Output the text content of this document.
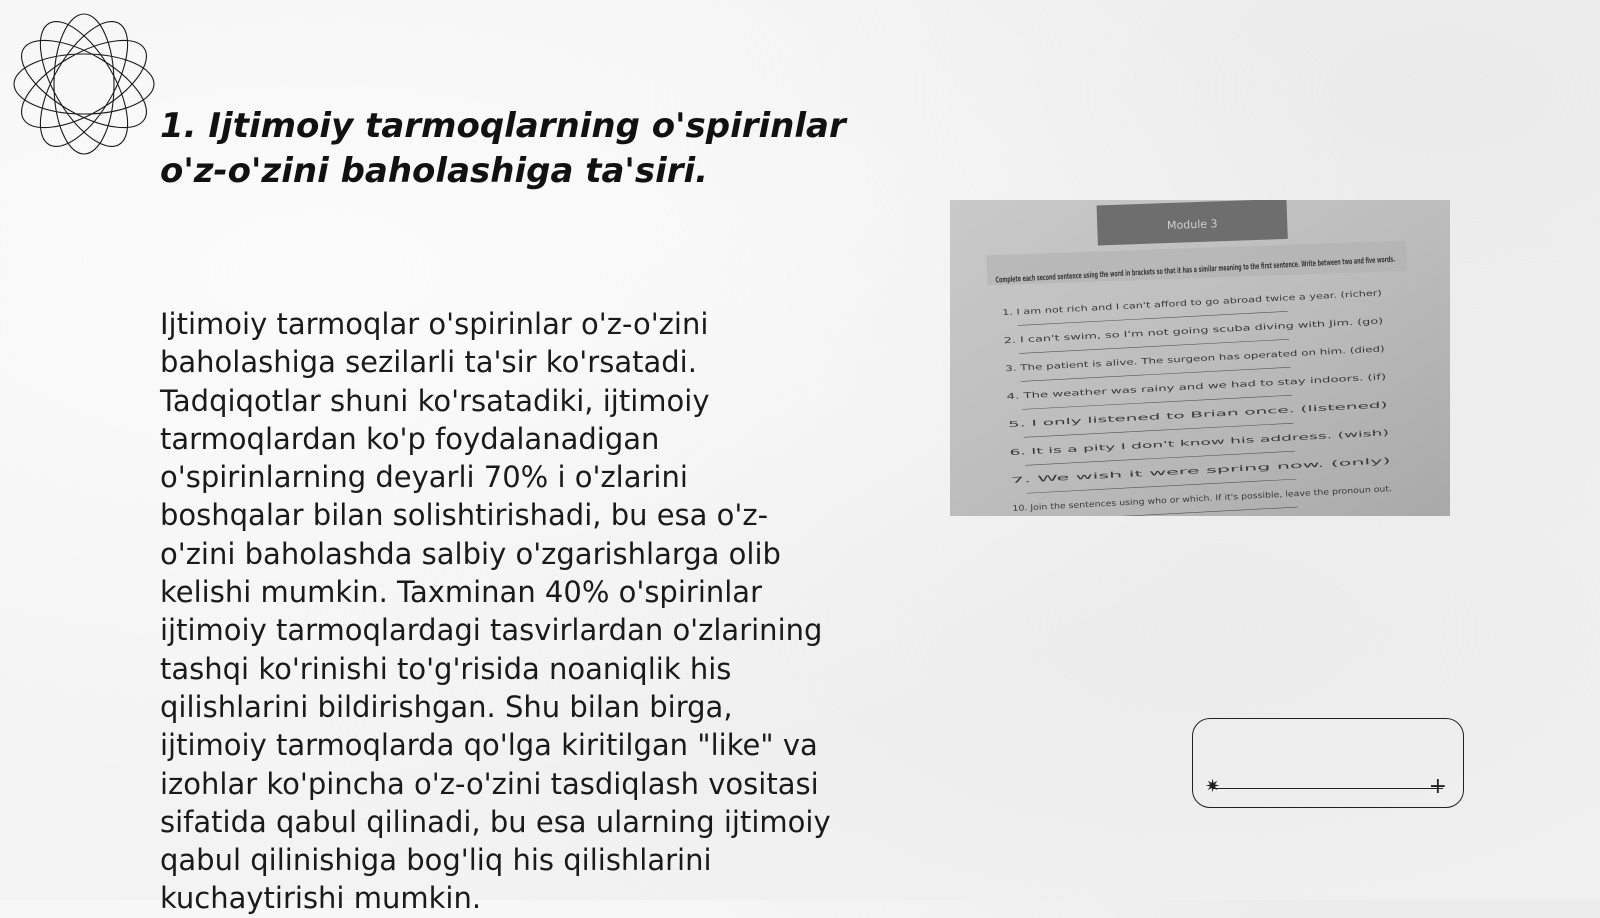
1. Ijtimoiy tarmoqlarning o'spirinlar o'z-o'zini baholashiga ta'siri.

Ijtimoiy tarmoqlar o'spirinlar o'z-o'zini baholashiga sezilarli ta'sir ko'rsatadi. Tadqiqotlar shuni ko'rsatadiki, ijtimoiy tarmoqlardan ko'p foydalanadigan o'spirinlarning deyarli 70% i o'zlarini boshqalar bilan solishtirishadi, bu esa o'z-o'zini baholashda salbiy o'zgarishlarga olib kelishi mumkin. Taxminan 40% o'spirinlar ijtimoiy tarmoqlardagi tasvirlardan o'zlarining tashqi ko'rinishi to'g'risida noaniqlik his qilishlarini bildirishgan. Shu bilan birga, ijtimoiy tarmoqlarda qo'lga kiritilgan "like" va izohlar ko'pincha o'z-o'zini tasdiqlash vositasi sifatida qabul qilinadi, bu esa ularning ijtimoiy qabul qilinishiga bog'liq his qilishlarini kuchaytirishi mumkin.

Module 3
1. I am not rich and I can't afford to go abroad twice a year. (richer)
2. I can't swim, so I'm not going scuba diving with Jim. (go)
3. The patient is alive. The surgeon has operated on him. (died)
4. The weather was rainy and we had to stay indoors. (if)
5. I only listened to Brian once. (listened)
6. It is a pity I don't know his address. (wish)
7. We wish it were spring now. (only)
10. Join the sentences using who or which. If it's possible, leave the pronoun out.
✷	+
